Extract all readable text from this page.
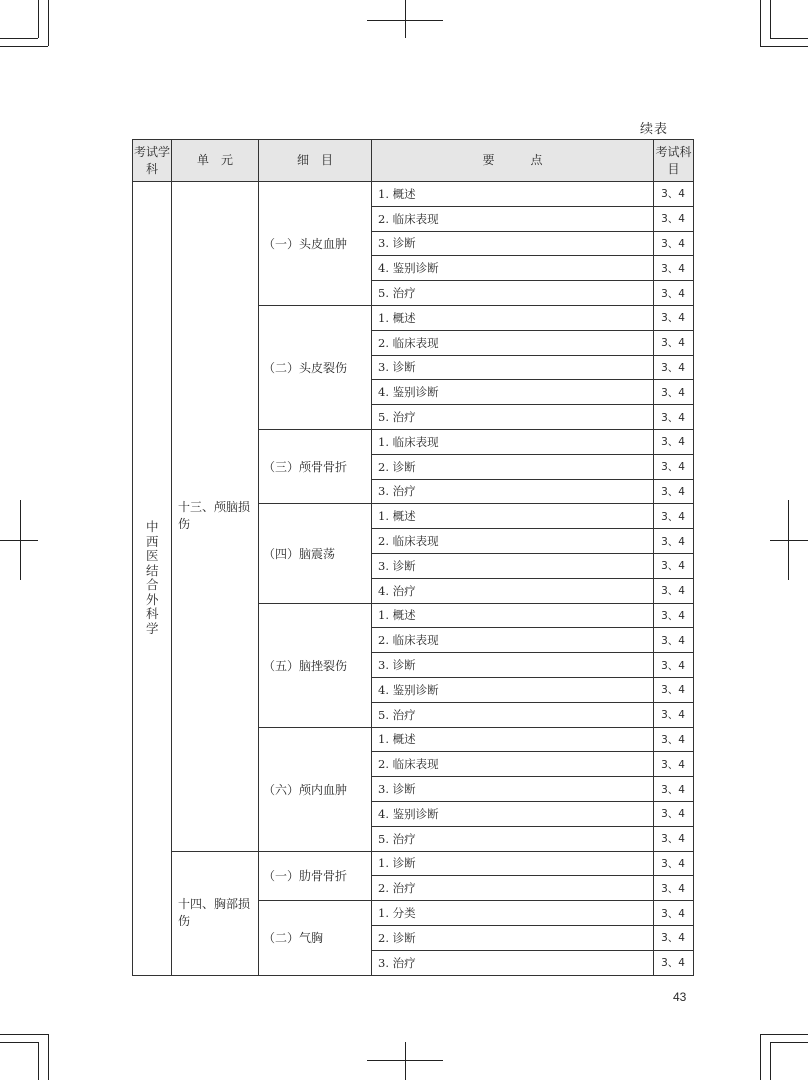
续表
考试学科	单　元	细　目	要　　　点	考试科目
中西医结合外科学	十三、颅脑损伤	（一）头皮血肿	1. 概述	3、4
			2. 临床表现	3、4
			3. 诊断	3、4
			4. 鉴别诊断	3、4
			5. 治疗	3、4
		（二）头皮裂伤	1. 概述	3、4
			2. 临床表现	3、4
			3. 诊断	3、4
			4. 鉴别诊断	3、4
			5. 治疗	3、4
		（三）颅骨骨折	1. 临床表现	3、4
			2. 诊断	3、4
			3. 治疗	3、4
		（四）脑震荡	1. 概述	3、4
			2. 临床表现	3、4
			3. 诊断	3、4
			4. 治疗	3、4
		（五）脑挫裂伤	1. 概述	3、4
			2. 临床表现	3、4
			3. 诊断	3、4
			4. 鉴别诊断	3、4
			5. 治疗	3、4
		（六）颅内血肿	1. 概述	3、4
			2. 临床表现	3、4
			3. 诊断	3、4
			4. 鉴别诊断	3、4
			5. 治疗	3、4
	十四、胸部损伤	（一）肋骨骨折	1. 诊断	3、4
			2. 治疗	3、4
		（二）气胸	1. 分类	3、4
			2. 诊断	3、4
			3. 治疗	3、4
43
